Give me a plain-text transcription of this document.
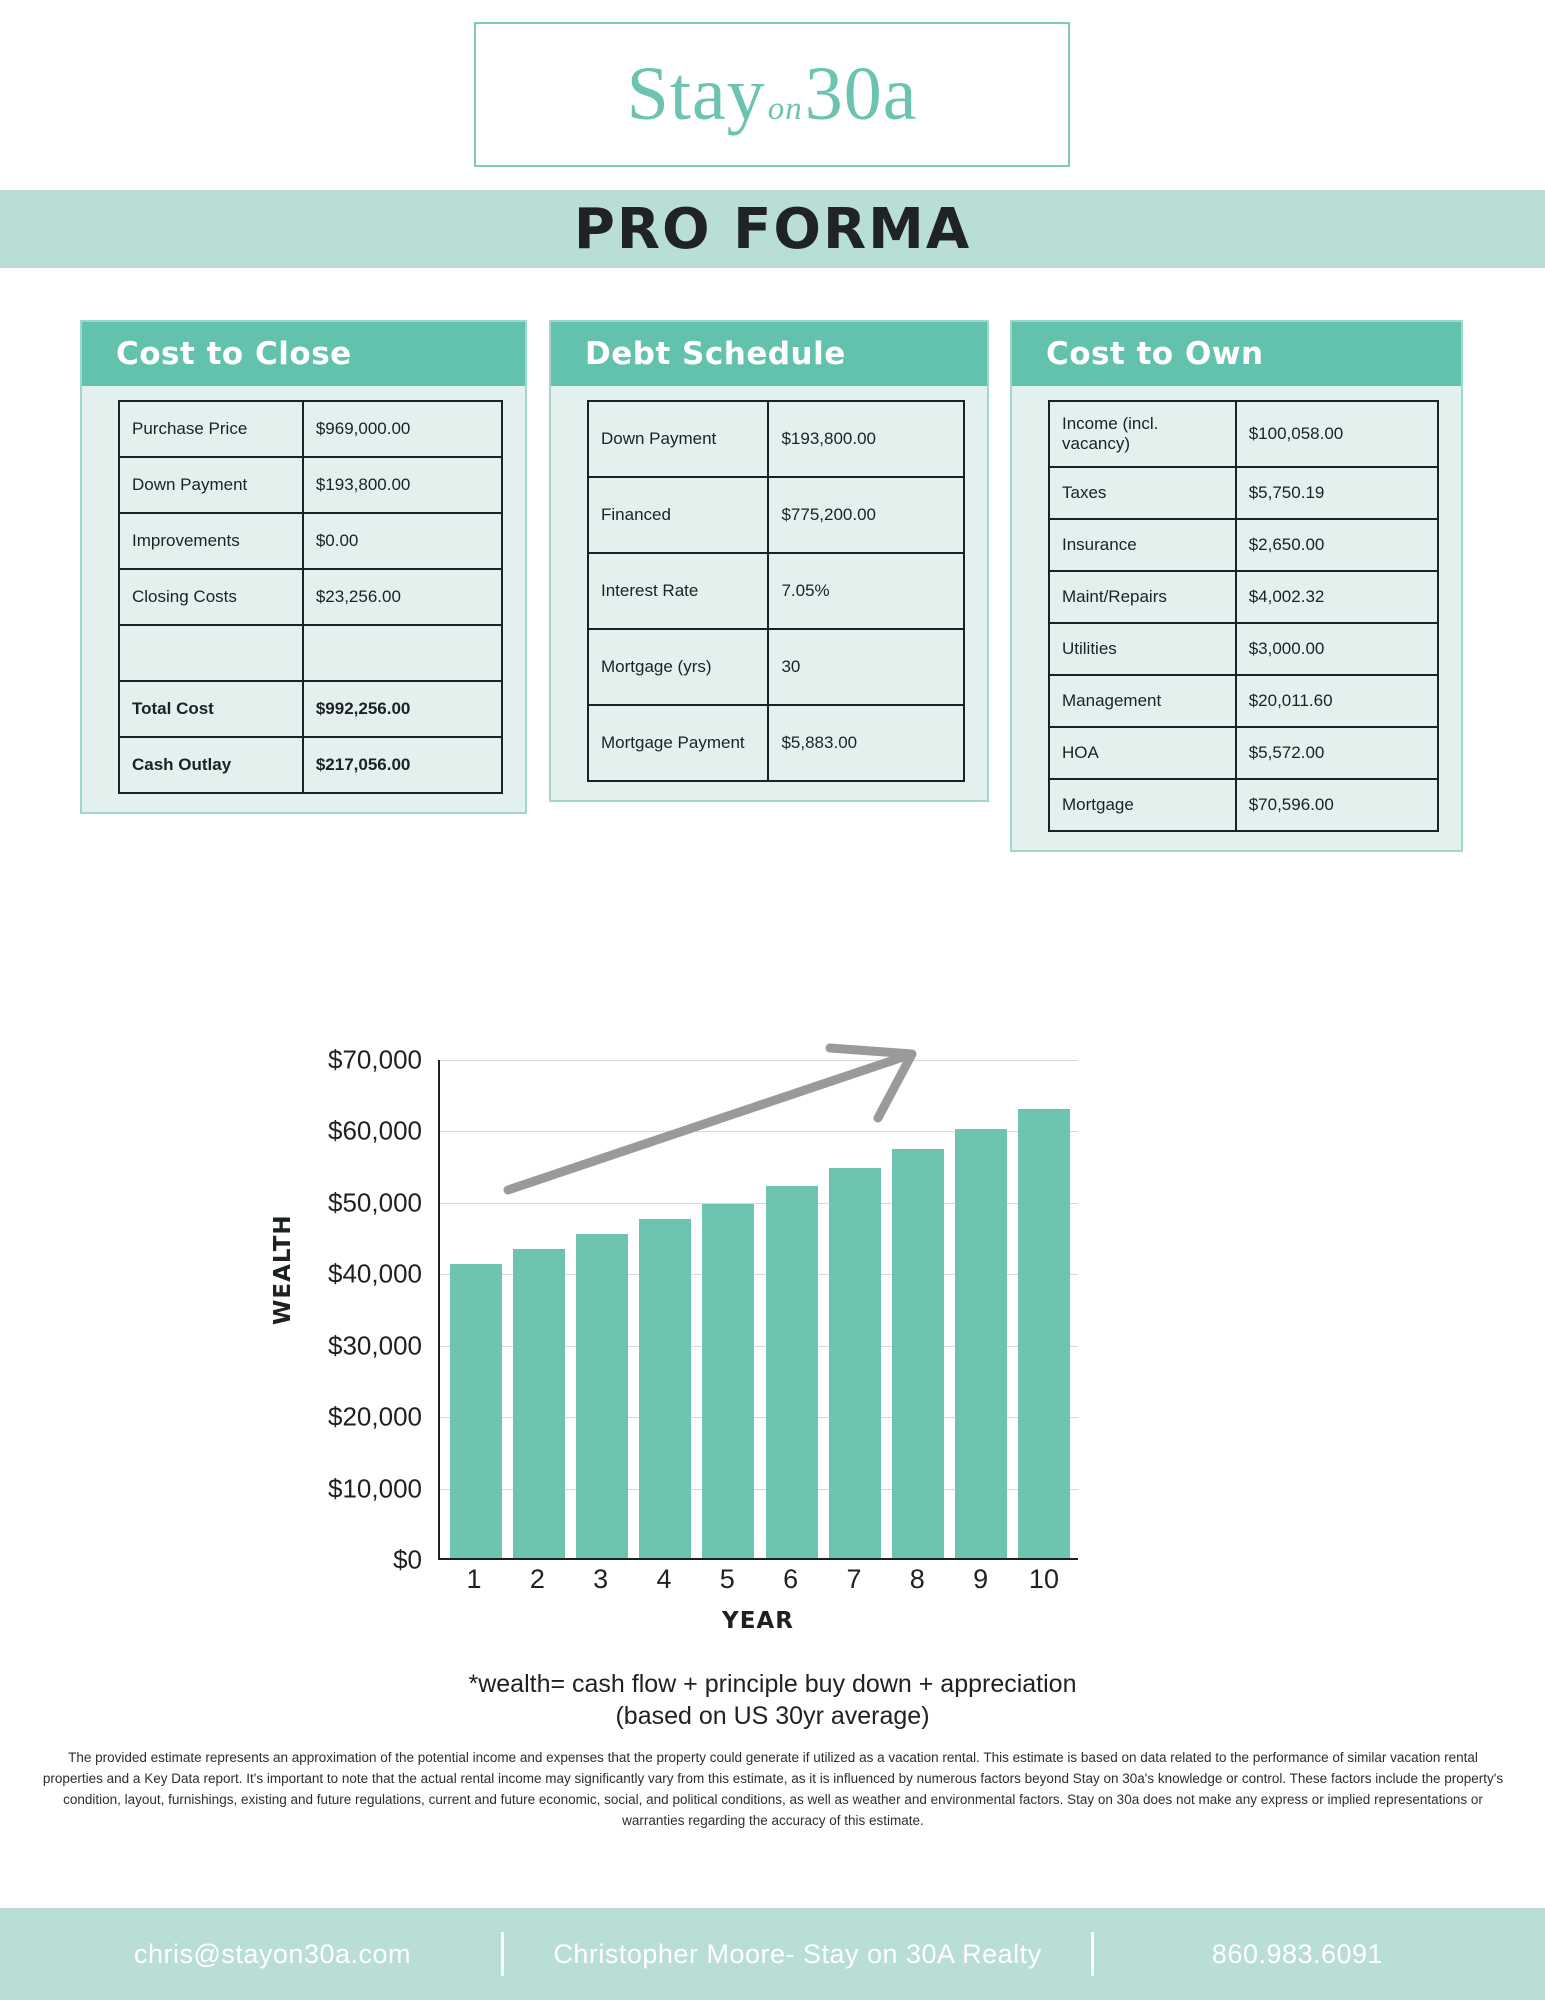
Stayon30a
PRO FORMA
Cost to Close
Purchase Price	$969,000.00
Down Payment	$193,800.00
Improvements	$0.00
Closing Costs	$23,256.00

Total Cost	$992,256.00
Cash Outlay	$217,056.00
Debt Schedule
Down Payment	$193,800.00
Financed	$775,200.00
Interest Rate	7.05%
Mortgage (yrs)	30
Mortgage Payment	$5,883.00
Cost to Own
Income (incl. vacancy)	$100,058.00
Taxes	$5,750.19
Insurance	$2,650.00
Maint/Repairs	$4,002.32
Utilities	$3,000.00
Management	$20,011.60
HOA	$5,572.00
Mortgage	$70,596.00
WEALTH
$0
$10,000
$20,000
$30,000
$40,000
$50,000
$60,000
$70,000
1	2	3	4	5	6	7	8	9	10
YEAR
*wealth= cash flow + principle buy down + appreciation
(based on US 30yr average)
The provided estimate represents an approximation of the potential income and expenses that the property could generate if utilized as a vacation rental. This estimate is based on data related to the performance of similar vacation rental properties and a Key Data report. It's important to note that the actual rental income may significantly vary from this estimate, as it is influenced by numerous factors beyond Stay on 30a's knowledge or control. These factors include the property's condition, layout, furnishings, existing and future regulations, current and future economic, social, and political conditions, as well as weather and environmental factors. Stay on 30a does not make any express or implied representations or warranties regarding the accuracy of this estimate.
chris@stayon30a.com	Christopher Moore- Stay on 30A Realty	860.983.6091
